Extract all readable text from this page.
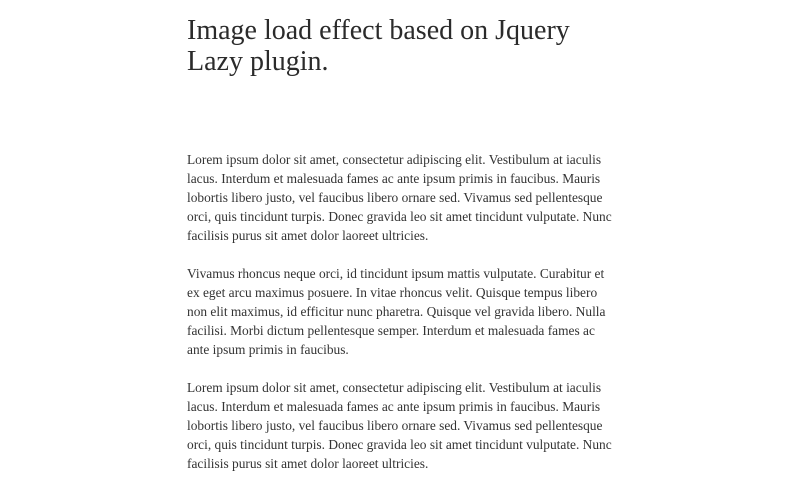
Image load effect based on Jquery Lazy plugin.

Lorem ipsum dolor sit amet, consectetur adipiscing elit. Vestibulum at iaculis lacus. Interdum et malesuada fames ac ante ipsum primis in faucibus. Mauris lobortis libero justo, vel faucibus libero ornare sed. Vivamus sed pellentesque orci, quis tincidunt turpis. Donec gravida leo sit amet tincidunt vulputate. Nunc facilisis purus sit amet dolor laoreet ultricies.

Vivamus rhoncus neque orci, id tincidunt ipsum mattis vulputate. Curabitur et ex eget arcu maximus posuere. In vitae rhoncus velit. Quisque tempus libero non elit maximus, id efficitur nunc pharetra. Quisque vel gravida libero. Nulla facilisi. Morbi dictum pellentesque semper. Interdum et malesuada fames ac ante ipsum primis in faucibus.

Lorem ipsum dolor sit amet, consectetur adipiscing elit. Vestibulum at iaculis lacus. Interdum et malesuada fames ac ante ipsum primis in faucibus. Mauris lobortis libero justo, vel faucibus libero ornare sed. Vivamus sed pellentesque orci, quis tincidunt turpis. Donec gravida leo sit amet tincidunt vulputate. Nunc facilisis purus sit amet dolor laoreet ultricies.
